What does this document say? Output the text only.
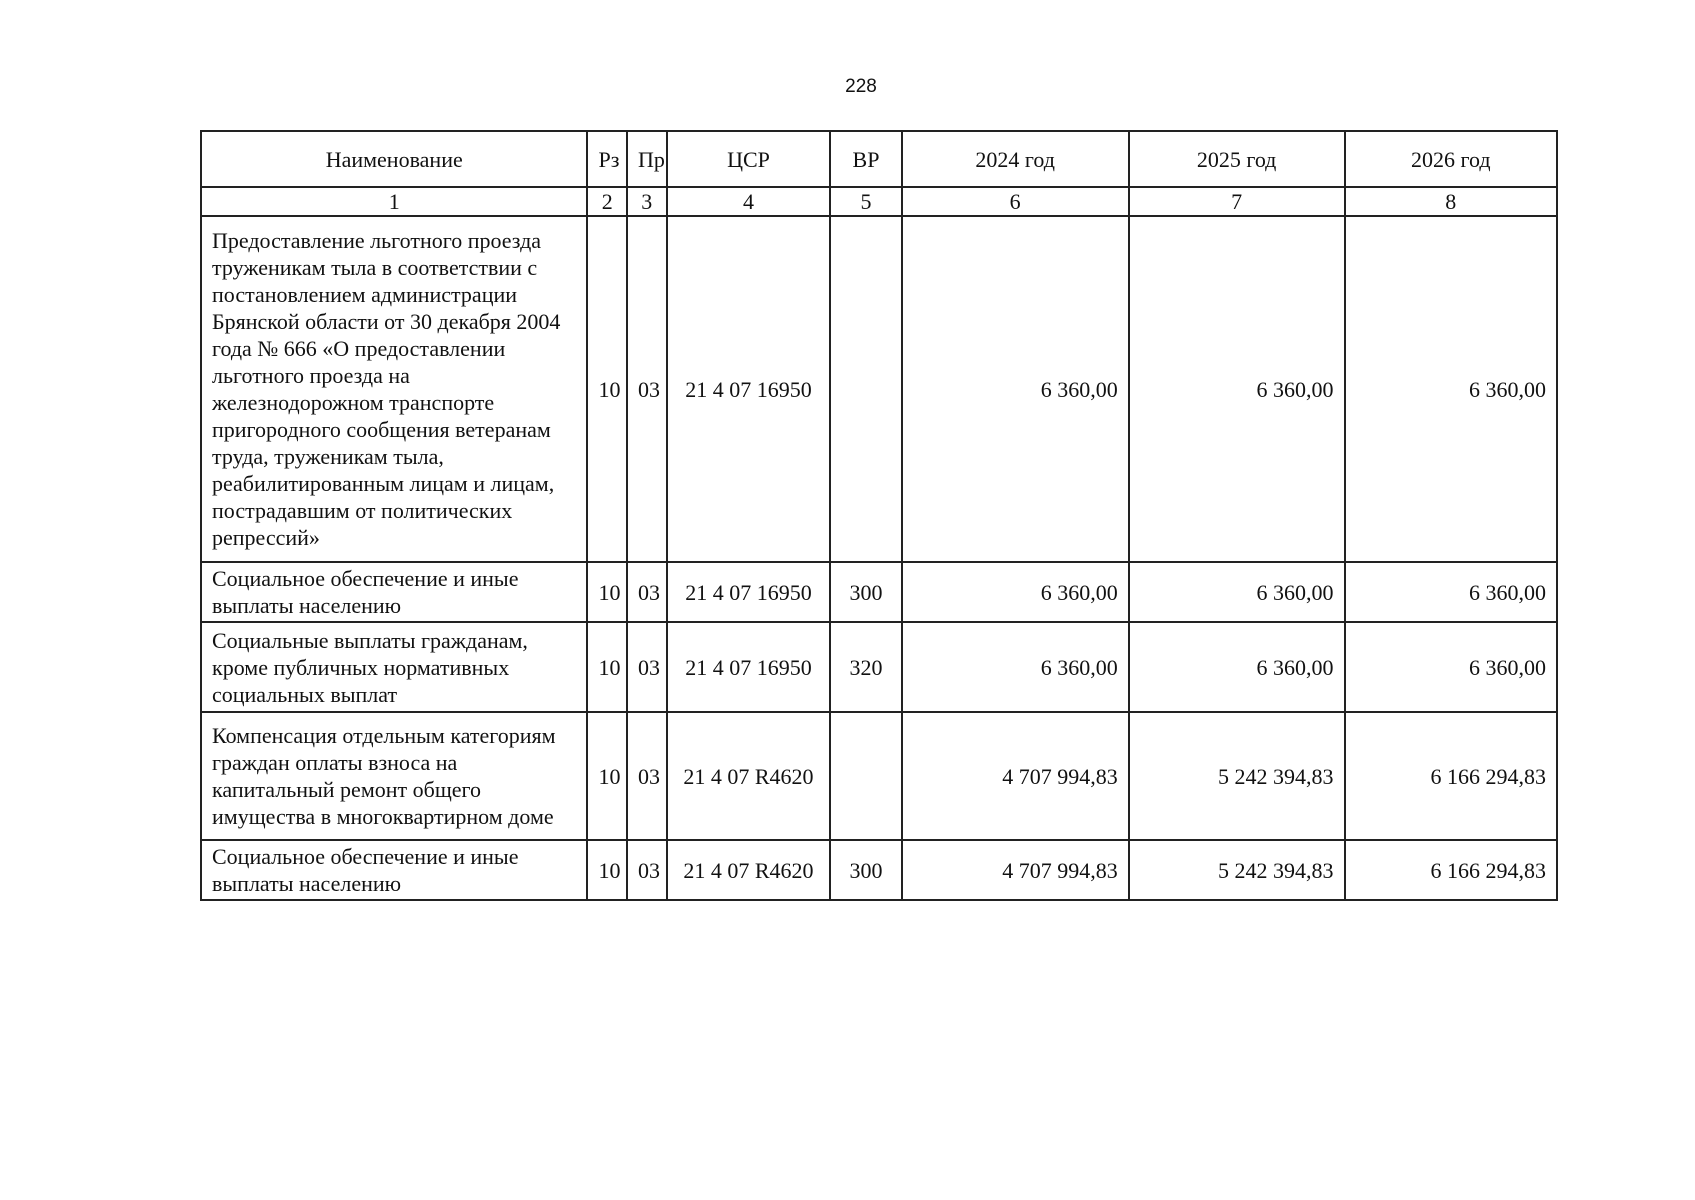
228
Наименование	Рз	Пр	ЦСР	ВР	2024 год	2025 год	2026 год
1	2	3	4	5	6	7	8
Предоставление льготного проезда труженикам тыла в соответствии с постановлением администрации Брянской области от 30 декабря 2004 года № 666 «О предоставлении льготного проезда на железнодорожном транспорте пригородного сообщения ветеранам труда, труженикам тыла, реабилитированным лицам и лицам, пострадавшим от политических репрессий»	10	03	21 4 07 16950		6 360,00	6 360,00	6 360,00
Социальное обеспечение и иные выплаты населению	10	03	21 4 07 16950	300	6 360,00	6 360,00	6 360,00
Социальные выплаты гражданам, кроме публичных нормативных социальных выплат	10	03	21 4 07 16950	320	6 360,00	6 360,00	6 360,00
Компенсация отдельным категориям граждан оплаты взноса на капитальный ремонт общего имущества в многоквартирном доме	10	03	21 4 07 R4620		4 707 994,83	5 242 394,83	6 166 294,83
Социальное обеспечение и иные выплаты населению	10	03	21 4 07 R4620	300	4 707 994,83	5 242 394,83	6 166 294,83
